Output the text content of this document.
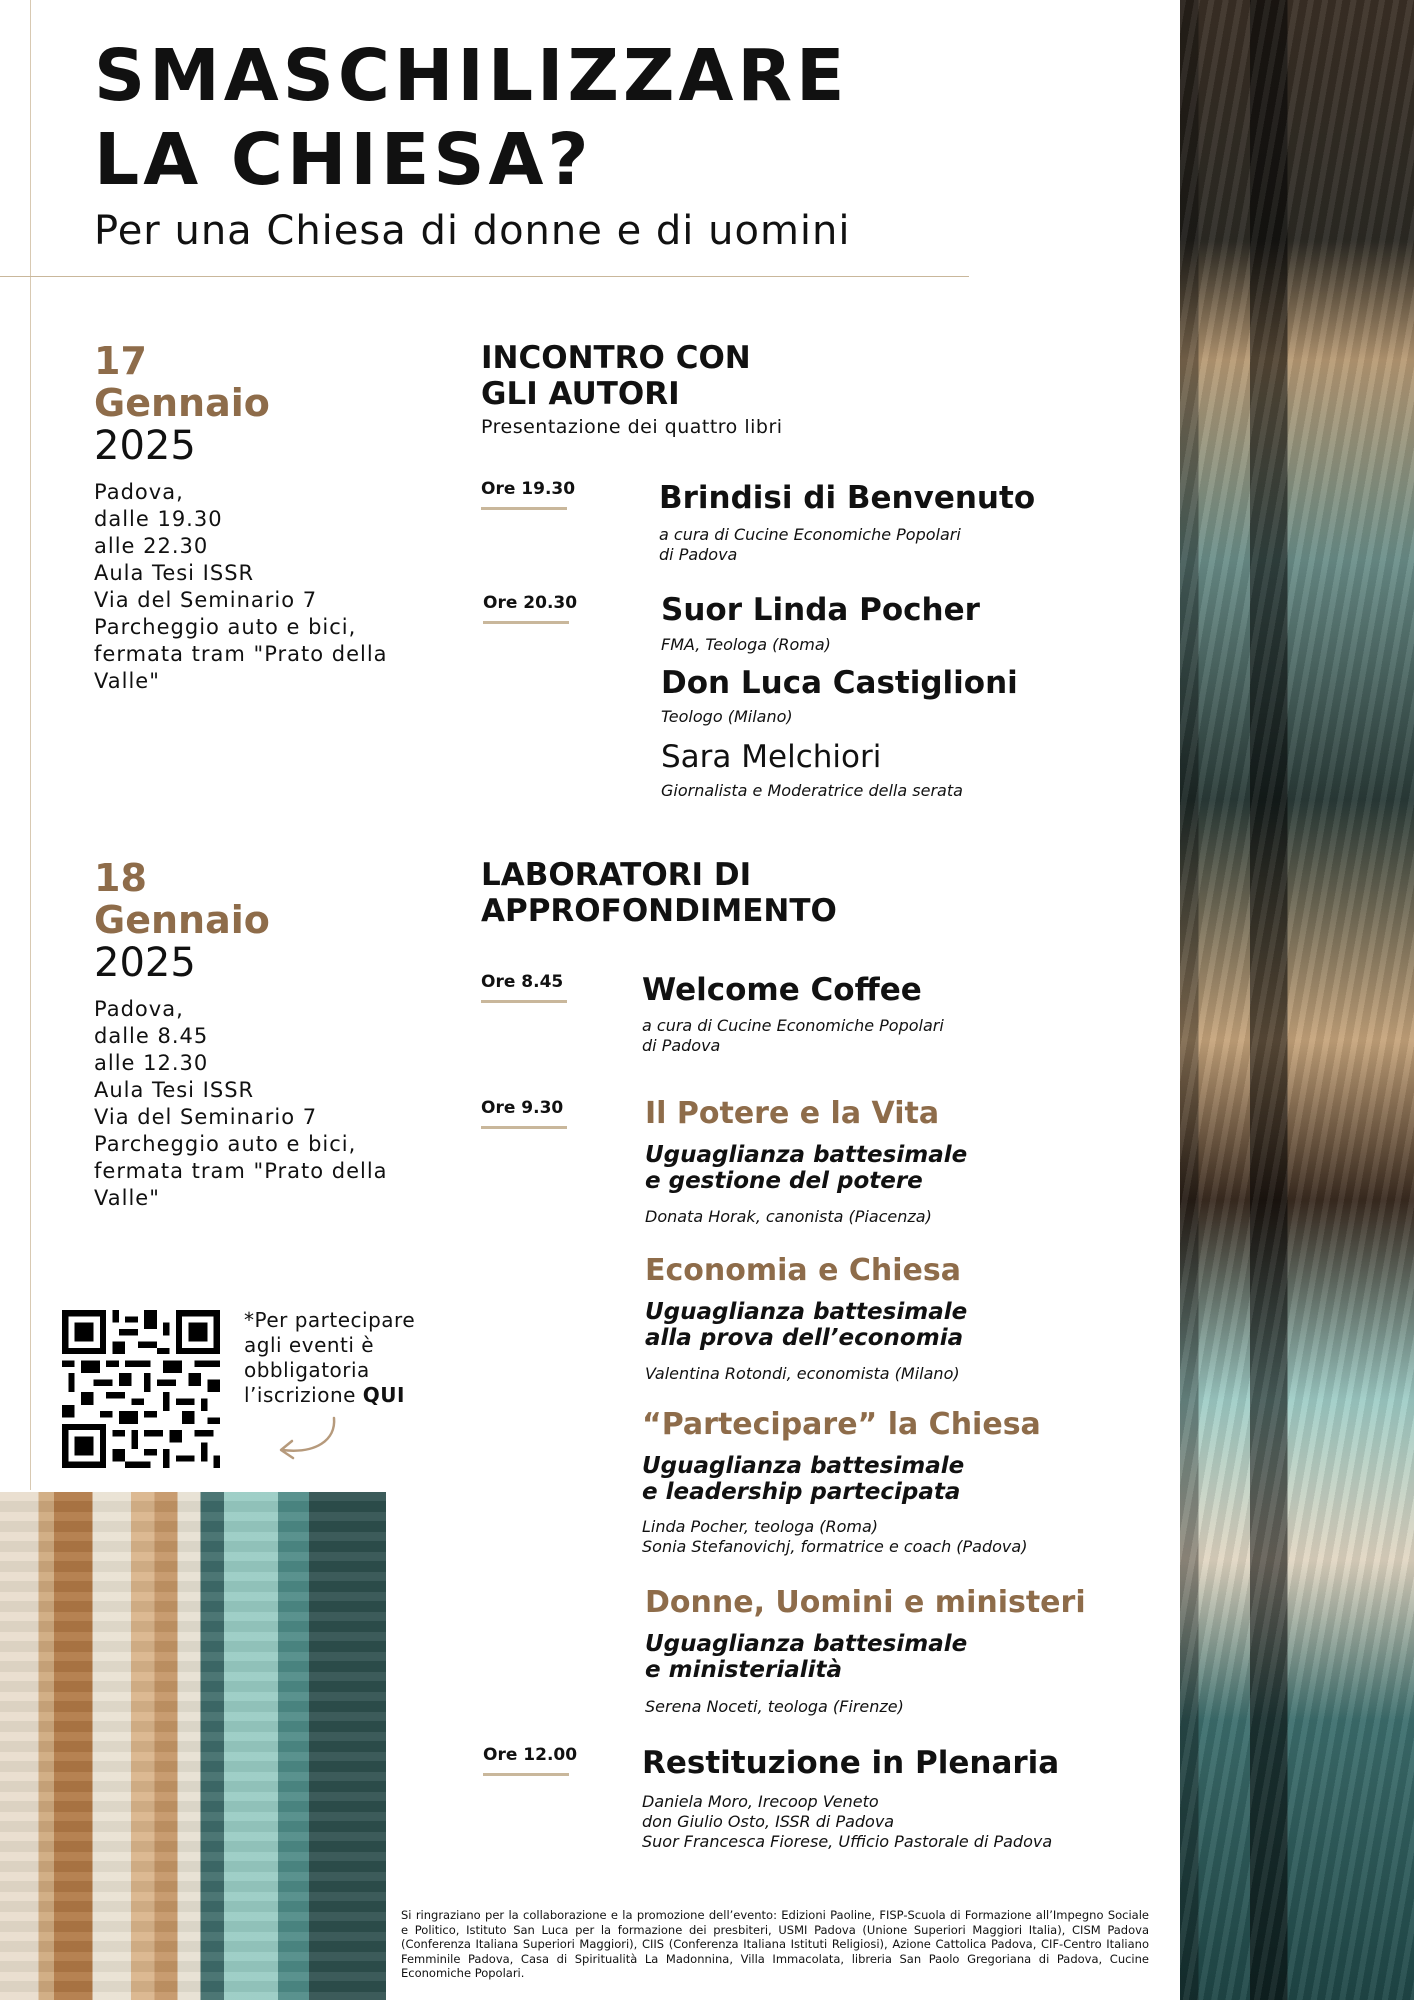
SMASCHILIZZARE
LA CHIESA?

Per una Chiesa di donne e di uomini

17
Gennaio
2025
Padova,
dalle 19.30
alle 22.30
Aula Tesi ISSR
Via del Seminario 7
Parcheggio auto e bici,
fermata tram "Prato della
Valle"
INCONTRO CON
GLI AUTORI
Presentazione dei quattro libri
Ore 19.30	Brindisi di Benvenuto
a cura di Cucine Economiche Popolari
di Padova
Ore 20.30	Suor Linda Pocher
FMA, Teologa (Roma)
Don Luca Castiglioni
Teologo (Milano)
Sara Melchiori
Giornalista e Moderatrice della serata
18
Gennaio
2025
Padova,
dalle 8.45
alle 12.30
Aula Tesi ISSR
Via del Seminario 7
Parcheggio auto e bici,
fermata tram "Prato della
Valle"
LABORATORI DI
APPROFONDIMENTO
Ore 8.45	Welcome Coffee
a cura di Cucine Economiche Popolari
di Padova
Ore 9.30	Il Potere e la Vita
Uguaglianza battesimale
e gestione del potere
Donata Horak, canonista (Piacenza)
Economia e Chiesa
Uguaglianza battesimale
alla prova dell’economia
Valentina Rotondi, economista (Milano)
“Partecipare” la Chiesa
Uguaglianza battesimale
e leadership partecipata
Linda Pocher, teologa (Roma)
Sonia Stefanovichj, formatrice e coach (Padova)
Donne, Uomini e ministeri
Uguaglianza battesimale
e ministerialità
Serena Noceti, teologa (Firenze)
Ore 12.00 Restituzione in Plenaria
Daniela Moro, Irecoop Veneto
don Giulio Osto, ISSR di Padova
Suor Francesca Fiorese, Ufficio Pastorale di Padova
*Per partecipare
agli eventi è
obbligatoria
l’iscrizione QUI
Si ringraziano per la collaborazione e la promozione dell’evento: Edizioni Paoline, FISP-Scuola di Formazione all’Impegno Sociale e Politico, Istituto San Luca per la formazione dei presbiteri, USMI Padova (Unione Superiori Maggiori Italia), CISM Padova (Conferenza Italiana Superiori Maggiori), CIIS (Conferenza Italiana Istituti Religiosi), Azione Cattolica Padova, CIF-Centro Italiano Femminile Padova, Casa di Spiritualità La Madonnina, Villa Immacolata, libreria San Paolo Gregoriana di Padova, Cucine Economiche Popolari.
